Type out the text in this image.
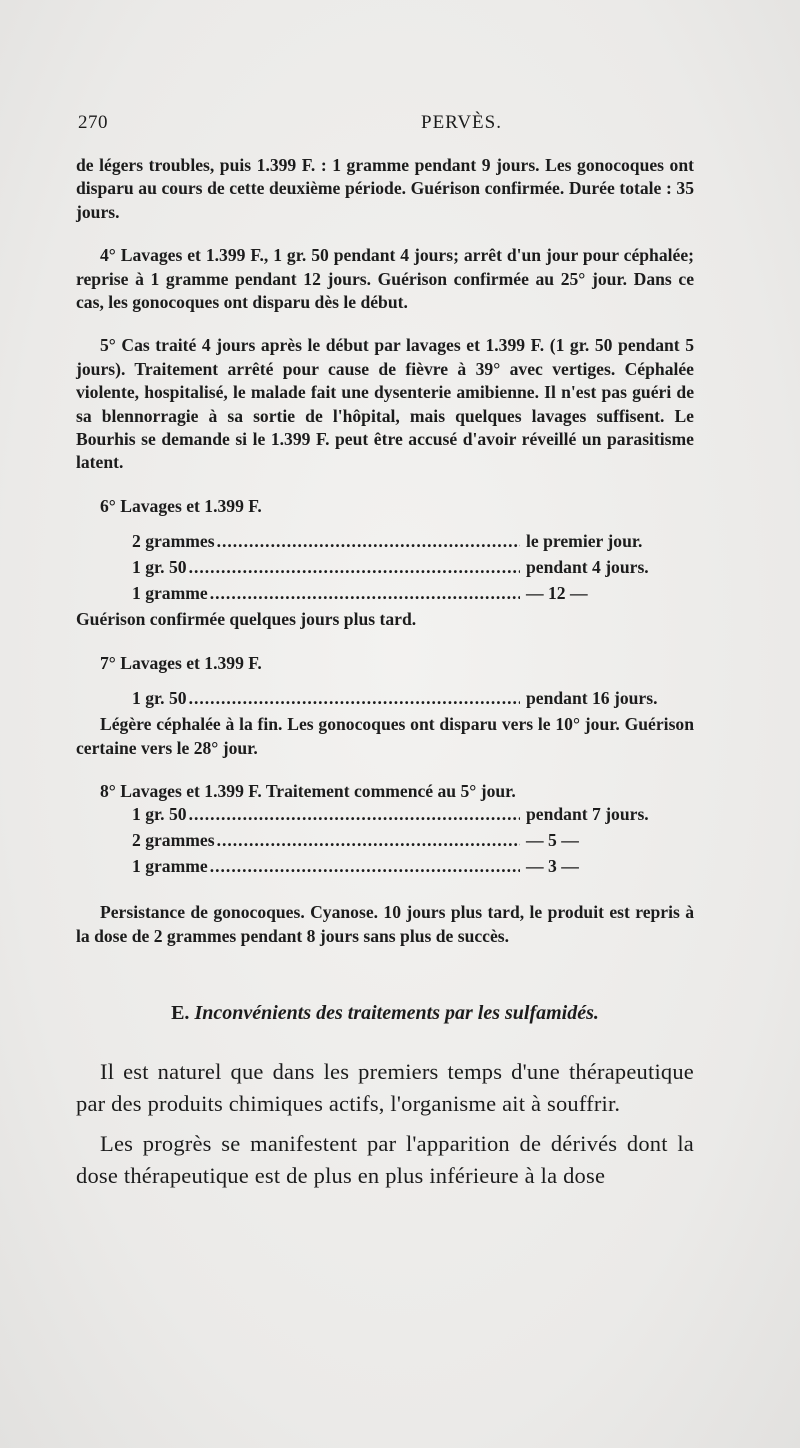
270	PERVÈS.

de légers troubles, puis 1.399 F. : 1 gramme pendant 9 jours. Les gonocoques ont disparu au cours de cette deuxième période. Guérison confirmée. Durée totale : 35 jours.

4° Lavages et 1.399 F., 1 gr. 50 pendant 4 jours; arrêt d'un jour pour céphalée; reprise à 1 gramme pendant 12 jours. Guérison confirmée au 25° jour. Dans ce cas, les gonocoques ont disparu dès le début.

5° Cas traité 4 jours après le début par lavages et 1.399 F. (1 gr. 50 pendant 5 jours). Traitement arrêté pour cause de fièvre à 39° avec vertiges. Céphalée violente, hospitalisé, le malade fait une dysenterie amibienne. Il n'est pas guéri de sa blennorragie à sa sortie de l'hôpital, mais quelques lavages suffisent. Le Bourhis se demande si le 1.399 F. peut être accusé d'avoir réveillé un parasitisme latent.

6° Lavages et 1.399 F.

2 grammes .....	le premier jour.
1 gr. 50 .....	pendant 4 jours.
1 gramme .....	— 12 —

Guérison confirmée quelques jours plus tard.

7° Lavages et 1.399 F.

1 gr. 50 .....	pendant 16 jours.

Légère céphalée à la fin. Les gonocoques ont disparu vers le 10° jour. Guérison certaine vers le 28° jour.

8° Lavages et 1.399 F. Traitement commencé au 5° jour.

1 gr. 50 .....	pendant 7 jours.
2 grammes .....	— 5 —
1 gramme .....	— 3 —

Persistance de gonocoques. Cyanose. 10 jours plus tard, le produit est repris à la dose de 2 grammes pendant 8 jours sans plus de succès.

E. Inconvénients des traitements par les sulfamidés.

Il est naturel que dans les premiers temps d'une thérapeutique par des produits chimiques actifs, l'organisme ait à souffrir.

Les progrès se manifestent par l'apparition de dérivés dont la dose thérapeutique est de plus en plus inférieure à la dose
